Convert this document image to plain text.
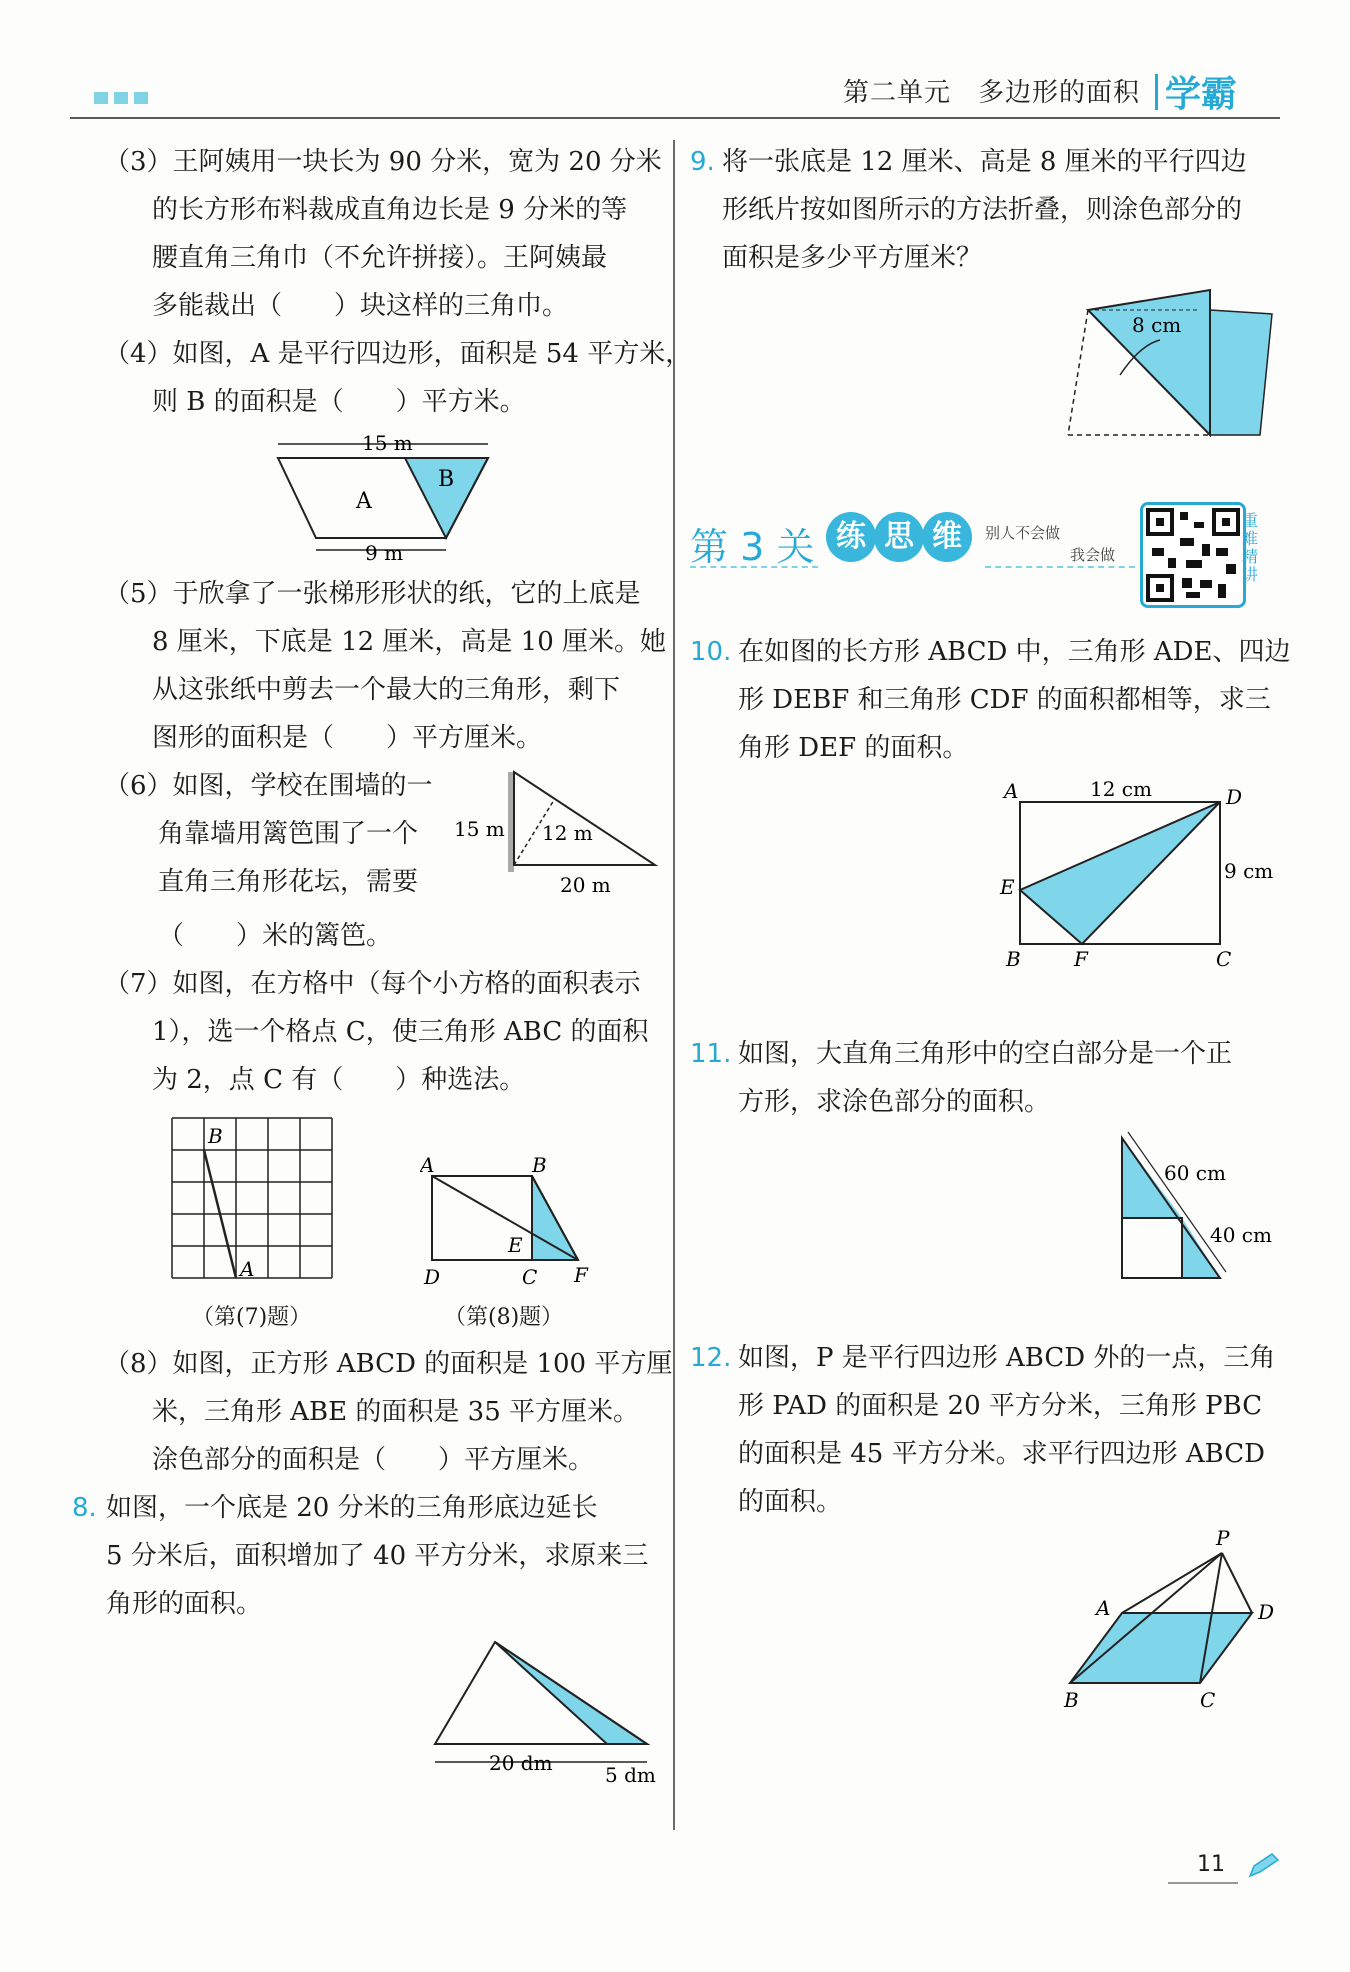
第二单元　多边形的面积 学霸
（3）王阿姨用一块长为 90 分米，宽为 20 分米
的长方形布料裁成直角边长是 9 分米的等
腰直角三角巾（不允许拼接）。王阿姨最
多能裁出（　　）块这样的三角巾。
（4）如图，A 是平行四边形，面积是 54 平方米，
则 B 的面积是（　　）平方米。
15 m
9 m
A
B
（5）于欣拿了一张梯形形状的纸，它的上底是
8 厘米，下底是 12 厘米，高是 10 厘米。她
从这张纸中剪去一个最大的三角形，剩下
图形的面积是（　　）平方厘米。
（6）如图，学校在围墙的一
角靠墙用篱笆围了一个
直角三角形花坛，需要
（　　）米的篱笆。
15 m 12 m
20 m
（7）如图，在方格中（每个小方格的面积表示
1），选一个格点 C，使三角形 ABC 的面积
为 2，点 C 有（　　）种选法。
B
A
（第(7)题）
A	B
E
D	C F
（第(8)题）
（8）如图，正方形 ABCD 的面积是 100 平方厘
米，三角形 ABE 的面积是 35 平方厘米。
涂色部分的面积是（　　）平方厘米。
8. 如图，一个底是 20 分米的三角形底边延长
5 分米后，面积增加了 40 平方分米，求原来三
角形的面积。
20 dm	5 dm
9. 将一张底是 12 厘米、高是 8 厘米的平行四边
形纸片按如图所示的方法折叠，则涂色部分的
面积是多少平方厘米？
8 cm
第 3 关 练 思 维	别人不会做
我会做
重难精讲
10. 在如图的长方形 ABCD 中，三角形 ADE、四边
形 DEBF 和三角形 CDF 的面积都相等，求三
角形 DEF 的面积。
A	D
E
B	F	C
12 cm
9 cm
11. 如图，大直角三角形中的空白部分是一个正
方形，求涂色部分的面积。
60 cm
40 cm
12. 如图，P 是平行四边形 ABCD 外的一点，三角
形 PAD 的面积是 20 平方分米，三角形 PBC
的面积是 45 平方分米。求平行四边形 ABCD
的面积。
P
A	D
B	C
11
